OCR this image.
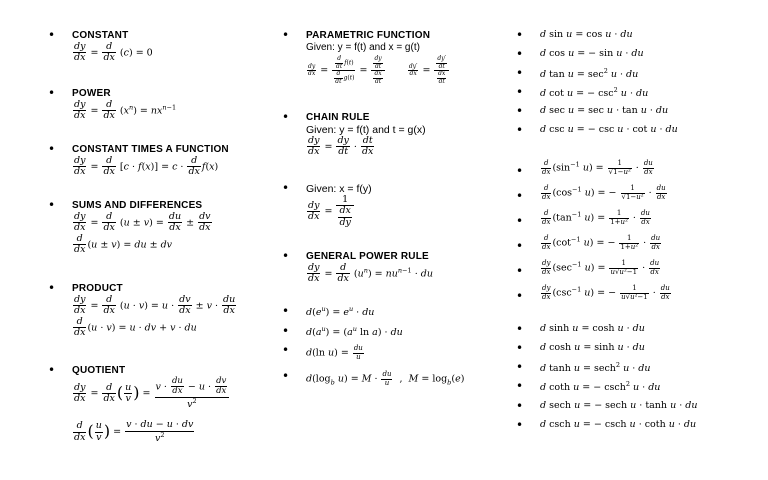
• CONSTANT
$\frac{dy}{dx} = \frac{d}{dx} (c) = 0$
• POWER
$\frac{dy}{dx} = \frac{d}{dx} (x^n) = nx^{n-1}$
• CONSTANT TIMES A FUNCTION
$\frac{dy}{dx} = \frac{d}{dx} [c \cdot f(x)] = c \cdot \frac{d}{dx} f(x)$
• SUMS AND DIFFERENCES
$\frac{dy}{dx} = \frac{d}{dx} (u \pm v) = \frac{du}{dx} \pm \frac{dv}{dx}$
$\frac{d}{dx} (u \pm v)$ = du ± dv
• PRODUCT
$\frac{dy}{dx} = \frac{d}{dx} (u \cdot v) = u \cdot \frac{dv}{dx} \pm v \cdot \frac{du}{dx}$
$\frac{d}{dx} (u \cdot v) = u$ · dv + v · du
• QUOTIENT
$\frac{dy}{dx} = \frac{d}{dx}$ ( $\frac{u}{v}$ ) = $\frac{v \cdot \frac{du}{dx} - u \cdot \frac{dv}{dx}}{v^2}$
$\frac{d}{dx}$ ( $\frac{u}{v}$ ) = $\frac{v \cdot du - u \cdot dv}{v^2}$
• PARAMETRIC FUNCTION
Given: y = f(t) and x = g(t)
$\frac{dy}{dx} = \frac{\frac{d}{dt} f(t)}{\frac{d}{dt} g(t)} = \frac{\frac{dy}{dt}}{\frac{dx}{dt}}$
	$\frac{dy'}{dx} = \frac{\frac{dy'}{dt}}{\frac{dx}{dt}}$
• CHAIN RULE
Given: y = f(t) and t = g(x)
$\frac{dy}{dx} = \frac{dy}{dt} \cdot \frac{dt}{dx}$
• Given: x = f(y)
$\frac{dy}{dx} = \frac{1}{\frac{dx}{dy}}$
• GENERAL POWER RULE
$\frac{dy}{dx} = \frac{d}{dx} (u^n) = nu^{n-1}$ · du
• $d(e^u) = e^u$ · du
• $d(a^u) = (a^u$ ln a) · du
• d(ln $u) = \frac{du}{u}$
• $d(\log_b$ $u) = M \cdot \frac{du}{u}$ ,  $M = \log_b(e)$
• d sin u = cos u · du
• d cos u = − sin u · du
• d $\tan u = \sec^2 u$ · du
• d cot u = − $\csc^2 u$ · du
• d sec u = sec u · tan u · du
• d csc u = − csc u · cot u · du
•	$\frac{d}{dx} (\sin^{-1}$ $u) = \frac{1}{\text{√1−u²}} \cdot \frac{du}{dx}$
•	$\frac{d}{dx} (\cos^{-1}$ u) = − $\frac{1}{\text{√1−u²}} \cdot \frac{du}{dx}$
•	$\frac{d}{dx} (\tan^{-1}$ $u) = \frac{1}{\text{1+u²}} \cdot \frac{du}{dx}$
•	$\frac{d}{dx} (\cot^{-1}$ u) = − $\frac{1}{\text{1+u²}} \cdot \frac{du}{dx}$
•	$\frac{dy}{dx} (\sec^{-1}$ $u) = \frac{1}{\text{u√u²−1}} \cdot \frac{du}{dx}$
•	$\frac{dy}{dx} (\csc^{-1}$ u) = − $\frac{1}{\text{u√u²−1}} \cdot \frac{du}{dx}$
• d sinh u = cosh u · du
• d cosh u = sinh u · du
• d tanh u = sech$^2$ u · du
• d coth u = − csch$^2$ u · du
• d sech u = − sech u · tanh u · du
• d csch u = − csch u · coth u · du
